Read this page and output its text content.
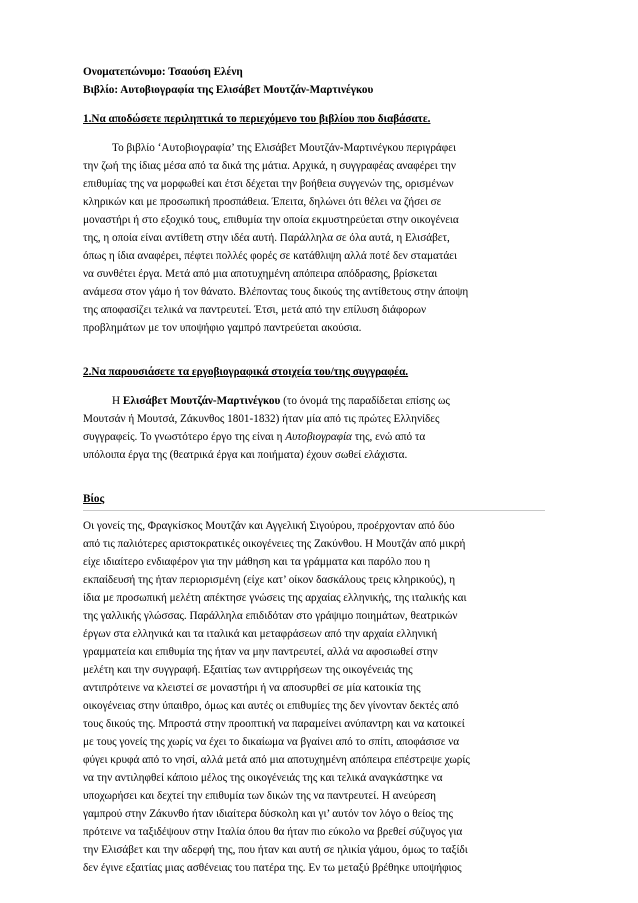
Ονοματεπώνυμο: Τσαούση Ελένη
Βιβλίο: Αυτοβιογραφία της Ελισάβετ Μουτζάν-Μαρτινέγκου
1.Να αποδώσετε περιληπτικά το περιεχόμενο του βιβλίου που διαβάσατε.
Το βιβλίο ‘Αυτοβιογραφία’ της Ελισάβετ Μουτζάν-Μαρτινέγκου περιγράφει
την ζωή της ίδιας μέσα από τα δικά της μάτια. Αρχικά, η συγγραφέας αναφέρει την
επιθυμίας της να μορφωθεί και έτσι δέχεται την βοήθεια συγγενών της, ορισμένων
κληρικών και με προσωπική προσπάθεια. Έπειτα, δηλώνει ότι θέλει να ζήσει σε
μοναστήρι ή στο εξοχικό τους, επιθυμία την οποία εκμυστηρεύεται στην οικογένεια
της, η οποία είναι αντίθετη στην ιδέα αυτή. Παράλληλα σε όλα αυτά, η Ελισάβετ,
όπως η ίδια αναφέρει, πέφτει πολλές φορές σε κατάθλιψη αλλά ποτέ δεν σταματάει
να συνθέτει έργα. Μετά από μια αποτυχημένη απόπειρα απόδρασης, βρίσκεται
ανάμεσα στον γάμο ή τον θάνατο. Βλέποντας τους δικούς της αντίθετους στην άποψη
της αποφασίζει τελικά να παντρευτεί. Έτσι, μετά από την επίλυση διάφορων
προβλημάτων με τον υποψήφιο γαμπρό παντρεύεται ακούσια.
2.Να παρουσιάσετε τα εργοβιογραφικά στοιχεία του/της συγγραφέα.
Η Ελισάβετ Μουτζάν-Μαρτινέγκου (το όνομά της παραδίδεται επίσης ως
Μουτσάν ή Μουτσά, Ζάκυνθος 1801-1832) ήταν μία από τις πρώτες Ελληνίδες
συγγραφείς. Το γνωστότερο έργο της είναι η Αυτοβιογραφία της, ενώ από τα
υπόλοιπα έργα της (θεατρικά έργα και ποιήματα) έχουν σωθεί ελάχιστα.
Βίος
Οι γονείς της, Φραγκίσκος Μουτζάν και Αγγελική Σιγούρου, προέρχονταν από δύο
από τις παλιότερες αριστοκρατικές οικογένειες της Ζακύνθου. Η Μουτζάν από μικρή
είχε ιδιαίτερο ενδιαφέρον για την μάθηση και τα γράμματα και παρόλο που η
εκπαίδευσή της ήταν περιορισμένη (είχε κατ’ οίκον δασκάλους τρεις κληρικούς), η
ίδια με προσωπική μελέτη απέκτησε γνώσεις της αρχαίας ελληνικής, της ιταλικής και
της γαλλικής γλώσσας. Παράλληλα επιδιδόταν στο γράψιμο ποιημάτων, θεατρικών
έργων στα ελληνικά και τα ιταλικά και μεταφράσεων από την αρχαία ελληνική
γραμματεία και επιθυμία της ήταν να μην παντρευτεί, αλλά να αφοσιωθεί στην
μελέτη και την συγγραφή. Εξαιτίας των αντιρρήσεων της οικογένειάς της
αντιπρότεινε να κλειστεί σε μοναστήρι ή να αποσυρθεί σε μία κατοικία της
οικογένειας στην ύπαιθρο, όμως και αυτές οι επιθυμίες της δεν γίνονταν δεκτές από
τους δικούς της. Μπροστά στην προοπτική να παραμείνει ανύπαντρη και να κατοικεί
με τους γονείς της χωρίς να έχει το δικαίωμα να βγαίνει από το σπίτι, αποφάσισε να
φύγει κρυφά από το νησί, αλλά μετά από μια αποτυχημένη απόπειρα επέστρεψε χωρίς
να την αντιληφθεί κάποιο μέλος της οικογένειάς της και τελικά αναγκάστηκε να
υποχωρήσει και δεχτεί την επιθυμία των δικών της να παντρευτεί. Η ανεύρεση
γαμπρού στην Ζάκυνθο ήταν ιδιαίτερα δύσκολη και γι’ αυτόν τον λόγο ο θείος της
πρότεινε να ταξιδέψουν στην Ιταλία όπου θα ήταν πιο εύκολο να βρεθεί σύζυγος για
την Ελισάβετ και την αδερφή της, που ήταν και αυτή σε ηλικία γάμου, όμως το ταξίδι
δεν έγινε εξαιτίας μιας ασθένειας του πατέρα της. Εν τω μεταξύ βρέθηκε υποψήφιος
